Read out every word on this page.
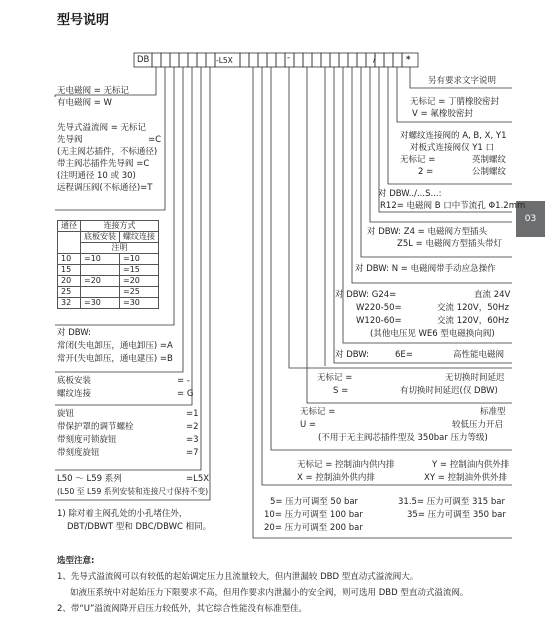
型号说明
03
DB	-L5X	-	/	*
无电磁阀 = 无标记
有电磁阀 = W
先导式溢流阀 = 无标记
先导阀	=C
(无主阀芯插件，不标通径)
带主阀芯插件先导阀 =C
(注明通径 10 或 30)
远程调压阀(不标通径)=T
通径	连接方式	
	底板安装	螺纹连接
	注明	
10	=10	=10
15		=15
20	=20	=20
25		=25
32	=30	=30
对 DBW:
常闭(失电卸压，通电卸压) =A
常开(失电卸压，通电建压) =B
底板安装	= -
螺纹连接	= G
旋钮	=1
带保护罩的调节螺栓	=2
带刻度可锁旋钮	=3
带刻度旋钮	=7
L50 ～ L59 系列	=L5X
(L50 至 L59 系列安装和连接尺寸保持不变)
1) 除对着主阀孔处的小孔堵住外，
DBT/DBWT 型和 DBC/DBWC 相同。
另有要求文字说明
无标记 = 丁腈橡胶密封
V = 氟橡胶密封
对螺纹连接阀的 A, B, X, Y1
对板式连接阀仅 Y1 口
无标记 =	英制螺纹
2 =	公制螺纹
对 DBW../...S...:
R12= 电磁阀 B 口中节流孔 Φ1.2mm
对 DBW: Z4 = 电磁阀方型插头
Z5L = 电磁阀方型插头带灯
对 DBW: N = 电磁阀带手动应急操作
对 DBW: G24=	直流 24V
W220-50=	交流 120V，50Hz
W120-60=	交流 120V，60Hz
(其他电压见 WE6 型电磁换向阀)
对 DBW:	6E=	高性能电磁阀
无标记 =	无切换时间延迟
S =	有切换时间延迟(仅 DBW)
无标记 =	标准型
U =	较低压力开启
(不用于无主阀芯插件型及 350bar 压力等级)
无标记 = 控制油内供内排	Y = 控制油内供外排
X = 控制油外供内排	XY = 控制油外供外排
5= 压力可调至 50 bar	31.5= 压力可调至 315 bar
10= 压力可调至 100 bar	35= 压力可调至 350 bar
20= 压力可调至 200 bar
选型注意:
1、先导式溢流阀可以有较低的起始调定压力且流量较大，但内泄漏较 DBD 型直动式溢流阀大。
如液压系统中对起始压力下限要求不高，但用作要求内泄漏小的安全阀，则可选用 DBD 型直动式溢流阀。
2、带“U”溢流阀降开启压力较低外，其它综合性能没有标准型佳。
